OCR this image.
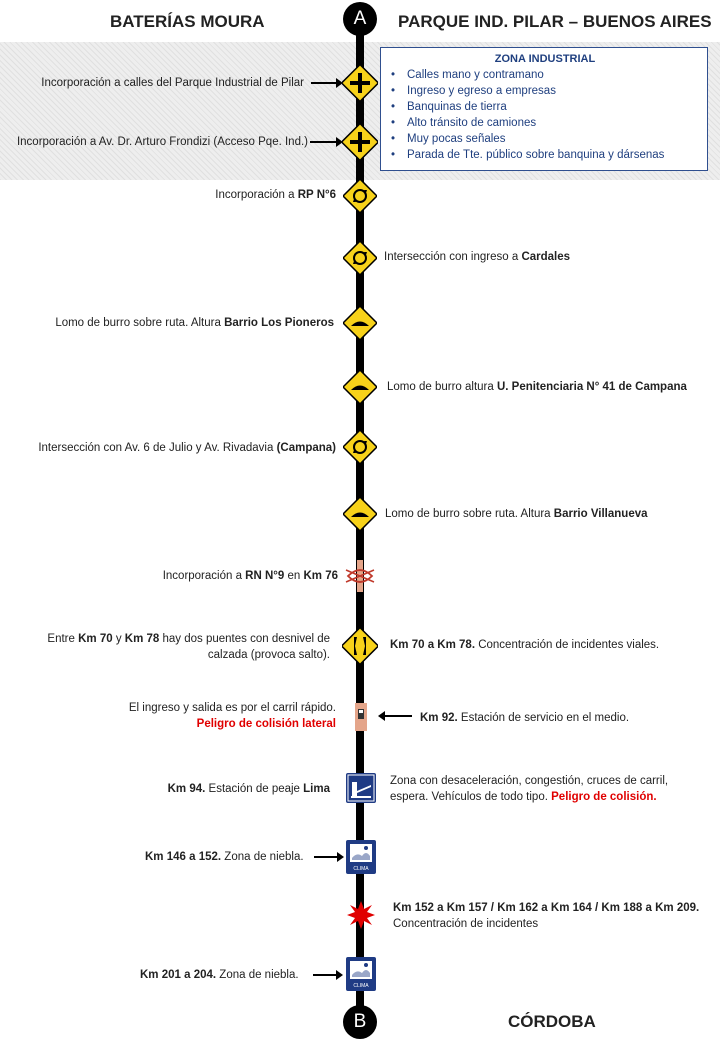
BATERÍAS MOURA	PARQUE IND. PILAR – BUENOS AIRES
A
B	CÓRDOBA
ZONA INDUSTRIAL
• Calles mano y contramano
• Ingreso y egreso a empresas
• Banquinas de tierra
• Alto tránsito de camiones
• Muy pocas señales
• Parada de Tte. público sobre banquina y dársenas
Incorporación a calles del Parque Industrial de Pilar
Incorporación a Av. Dr. Arturo Frondizi (Acceso Pqe. Ind.)
Incorporación a RP N°6
Intersección con ingreso a Cardales
Lomo de burro sobre ruta. Altura Barrio Los Pioneros
Lomo de burro altura U. Penitenciaria N° 41 de Campana
Intersección con Av. 6 de Julio y Av. Rivadavia (Campana)
Lomo de burro sobre ruta. Altura Barrio Villanueva
Incorporación a RN N°9 en Km 76
Entre Km 70 y Km 78 hay dos puentes con desnivel de
calzada (provoca salto).
Km 70 a Km 78. Concentración de incidentes viales.
El ingreso y salida es por el carril rápido.
Peligro de colisión lateral	Km 92. Estación de servicio en el medio.
Km 94. Estación de peaje Lima
Zona con desaceleración, congestión, cruces de carril,
espera. Vehículos de todo tipo. Peligro de colisión.
Km 146 a 152. Zona de niebla.
CLIMA
Km 152 a Km 157 / Km 162 a Km 164 / Km 188 a Km 209.
Concentración de incidentes
Km 201 a 204. Zona de niebla.
CLIMA
